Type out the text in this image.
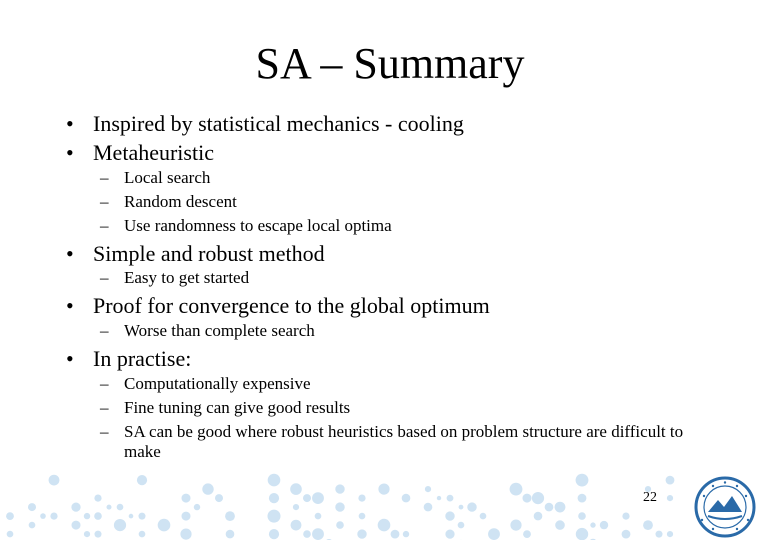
SA – Summary
• Inspired by statistical mechanics - cooling
• Metaheuristic
– Local search
– Random descent
– Use randomness to escape local optima
• Simple and robust method
– Easy to get started
• Proof for convergence to the global optimum
– Worse than complete search
• In practise:
– Computationally expensive
– Fine tuning can give good results
– SA can be good where robust heuristics based on problem structure are difficult to make
22
